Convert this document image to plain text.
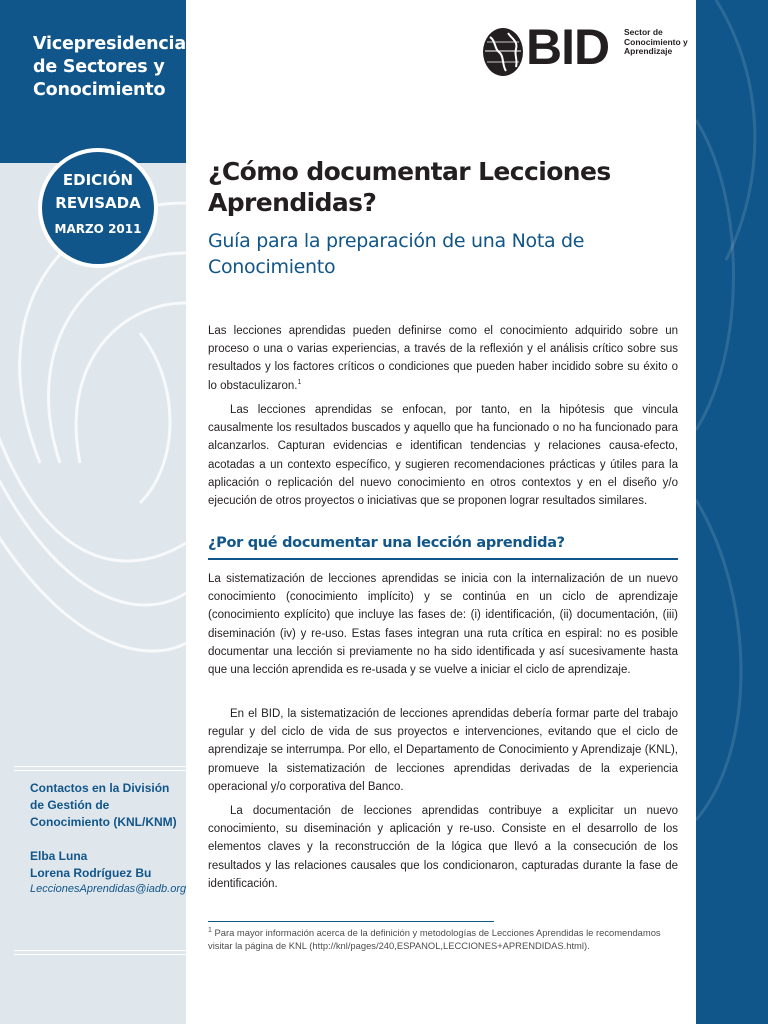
Vicepresidencia de Sectores y Conocimiento
EDICIÓN
REVISADA
MARZO 2011
Contactos en la División de Gestión de Conocimiento (KNL/KNM)
Elba Luna
Lorena Rodríguez Bu
LeccionesAprendidas@iadb.org
BID Sector de Conocimiento y Aprendizaje
¿Cómo documentar Lecciones Aprendidas?
Guía para la preparación de una Nota de Conocimiento

Las lecciones aprendidas pueden definirse como el conocimiento adquirido sobre un proceso o una o varias experiencias, a través de la reflexión y el análisis crítico sobre sus resultados y los factores críticos o condiciones que pueden haber incidido sobre su éxito o lo obstaculizaron.$^1$

Las lecciones aprendidas se enfocan, por tanto, en la hipótesis que vincula causalmente los resultados buscados y aquello que ha funcionado o no ha funcionado para alcanzarlos. Capturan evidencias e identifican tendencias y relaciones causa-efecto, acotadas a un contexto específico, y sugieren recomendaciones prácticas y útiles para la aplicación o replicación del nuevo conocimiento en otros contextos y en el diseño y/o ejecución de otros proyectos o iniciativas que se proponen lograr resultados similares.

¿Por qué documentar una lección aprendida?

La sistematización de lecciones aprendidas se inicia con la internalización de un nuevo conocimiento (conocimiento implícito) y se continúa en un ciclo de aprendizaje (conocimiento explícito) que incluye las fases de: (i) identificación, (ii) documentación, (iii) diseminación (iv) y re-uso. Estas fases integran una ruta crítica en espiral: no es posible documentar una lección si previamente no ha sido identificada y así sucesivamente hasta que una lección aprendida es re-usada y se vuelve a iniciar el ciclo de aprendizaje.

En el BID, la sistematización de lecciones aprendidas debería formar parte del trabajo regular y del ciclo de vida de sus proyectos e intervenciones, evitando que el ciclo de aprendizaje se interrumpa. Por ello, el Departamento de Conocimiento y Aprendizaje (KNL), promueve la sistematización de lecciones aprendidas derivadas de la experiencia operacional y/o corporativa del Banco.

La documentación de lecciones aprendidas contribuye a explicitar un nuevo conocimiento, su diseminación y aplicación y re-uso. Consiste en el desarrollo de los elementos claves y la reconstrucción de la lógica que llevó a la consecución de los resultados y las relaciones causales que los condicionaron, capturadas durante la fase de identificación.

$^1$ Para mayor información acerca de la definición y metodologías de Lecciones Aprendidas le recomendamos visitar la página de KNL (http://knl/pages/240,ESPANOL,LECCIONES+APRENDIDAS.html).
